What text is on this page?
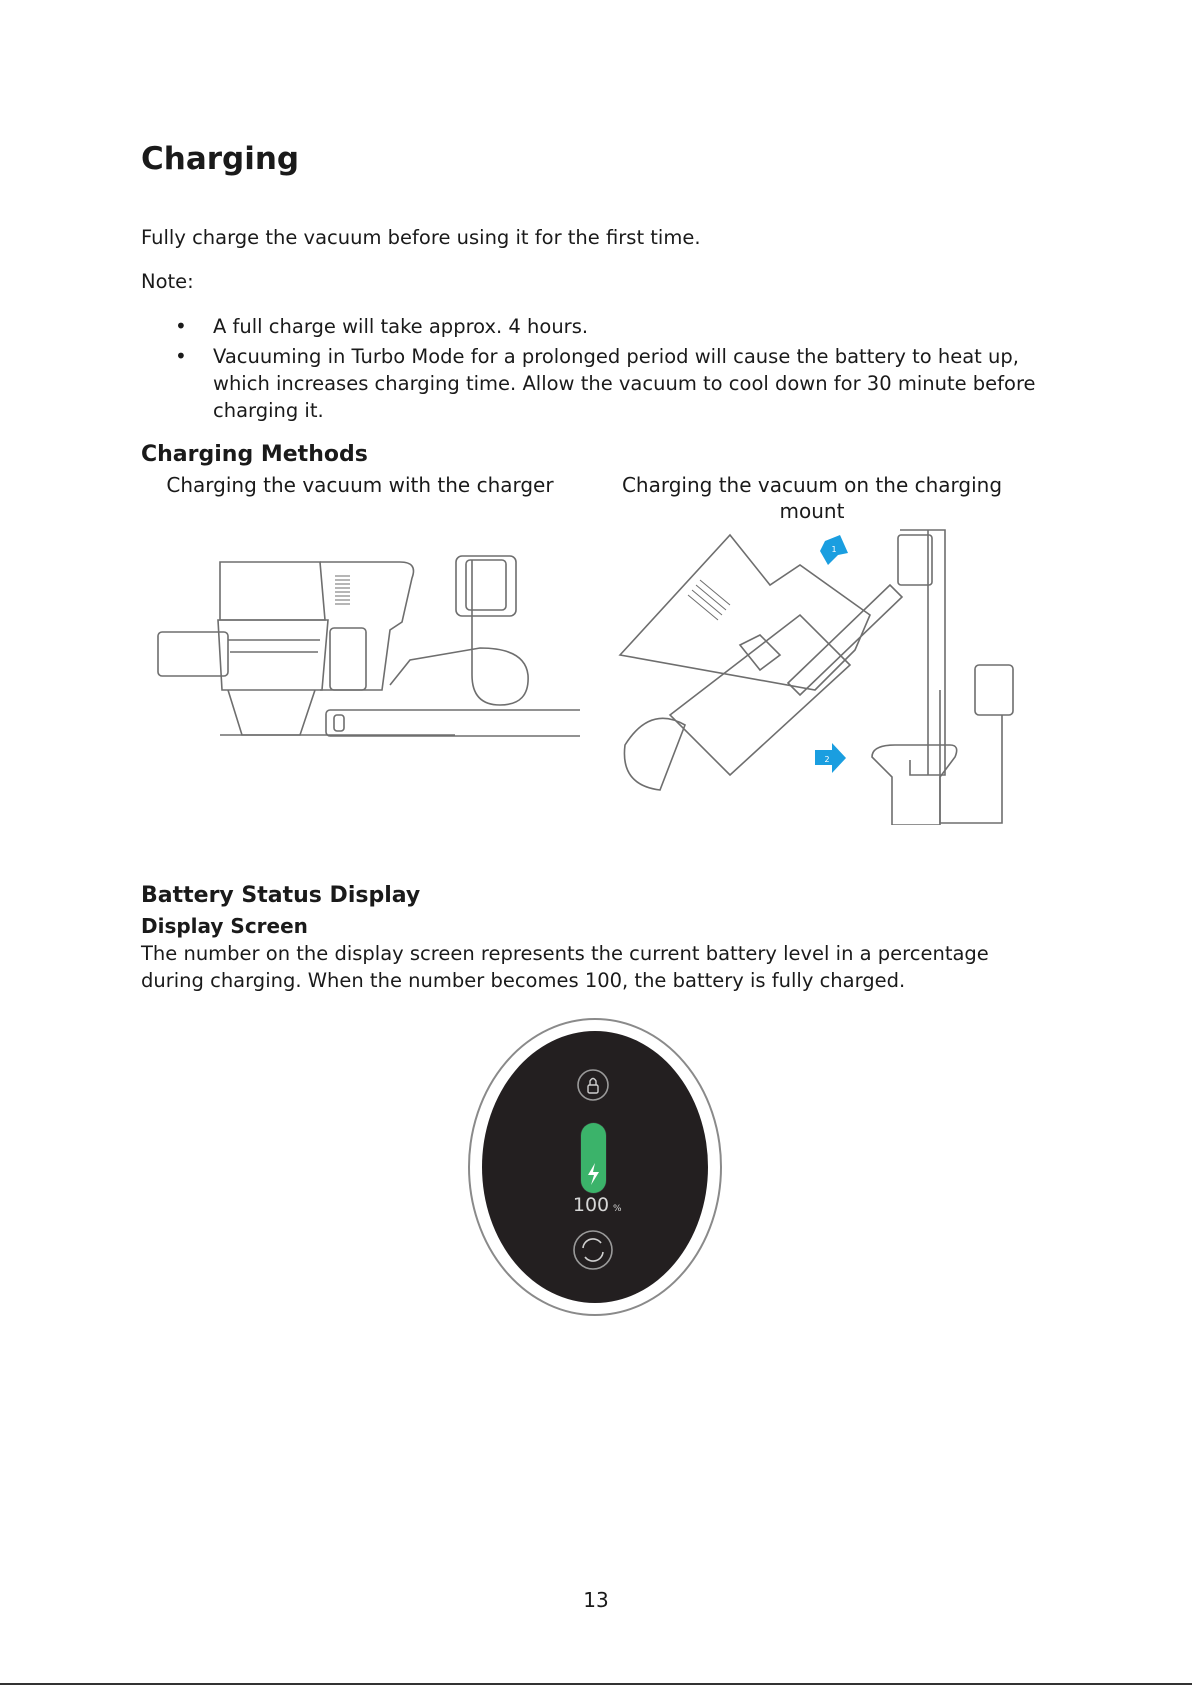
Charging

Fully charge the vacuum before using it for the first time.

Note:

• A full charge will take approx. 4 hours.
• Vacuuming in Turbo Mode for a prolonged period will cause the battery to heat up, which increases charging time. Allow the vacuum to cool down for 30 minute before charging it.
Charging Methods

Charging the vacuum with the charger	Charging the vacuum on the charging mount

1
2
Battery Status Display
Display Screen

The number on the display screen represents the current battery level in a percentage during charging. When the number becomes 100, the battery is fully charged.

100 %
13
